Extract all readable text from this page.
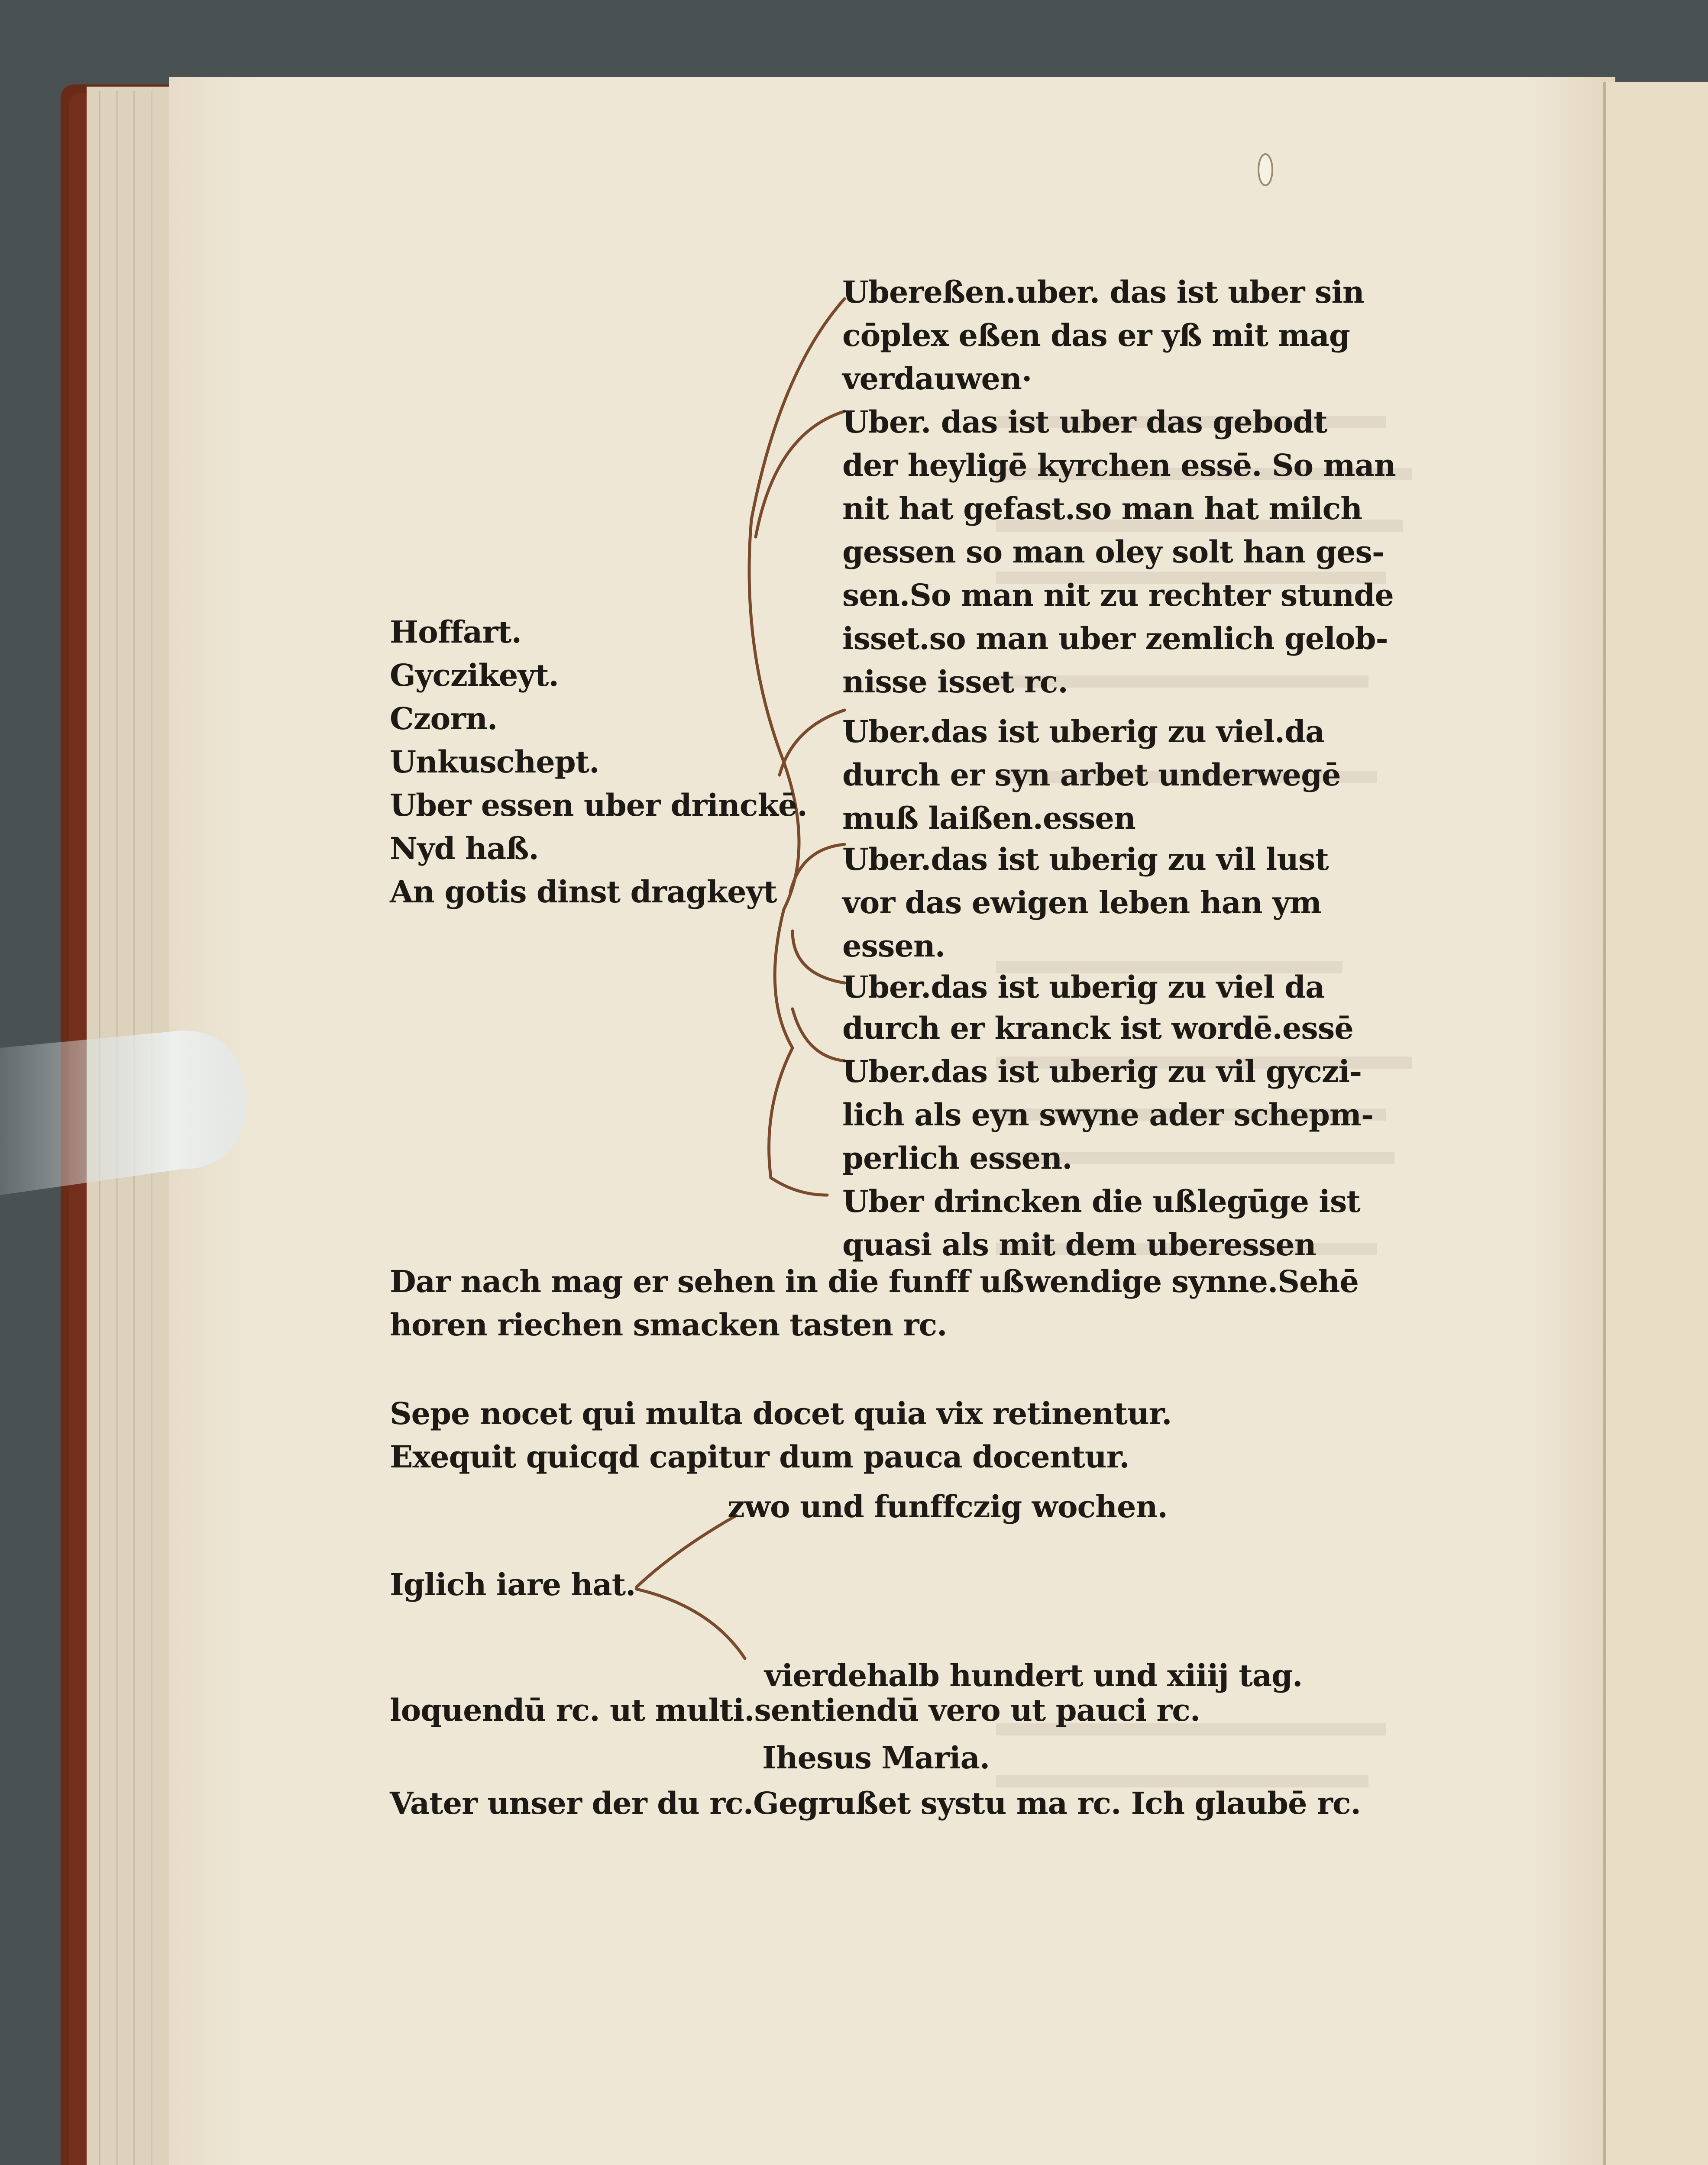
Hoffart.

Gyczikeyt.

Czorn.

Unkuschept.

Uber essen uber drinckē.

Nyd haß.

An gotis dinst dragkeyt

Ubereßen.uber. das ist uber sin

cōplex eßen das er yß mit mag

verdauwen·

Uber. das ist uber das gebodt

der heyligē kyrchen essē. So man

nit hat gefast.so man hat milch

gessen so man oley solt han ges-

sen.So man nit zu rechter stunde

isset.so man uber zemlich gelob-

nisse isset rc.

Uber.das ist uberig zu viel.da

durch er syn arbet underwegē

muß laißen.essen

Uber.das ist uberig zu vil lust

vor das ewigen leben han ym

essen.

Uber.das ist uberig zu viel da

durch er kranck ist wordē.essē

Uber.das ist uberig zu vil gyczi-

lich als eyn swyne ader schepm-

perlich essen.

Uber drincken die ußlegūge ist

quasi als mit dem uberessen

Dar nach mag er sehen in die funff ußwendige synne.Sehē

horen riechen smacken tasten rc.

Sepe nocet qui multa docet quia vix retinentur.

Exequit quicqd capitur dum pauca docentur.

zwo und funffczig wochen.

Iglich iare hat.

vierdehalb hundert und xiiij tag.

loquendū rc. ut multi.sentiendū vero ut pauci rc.

Ihesus Maria.

Vater unser der du rc.Gegrußet systu ma rc. Ich glaubē rc.
